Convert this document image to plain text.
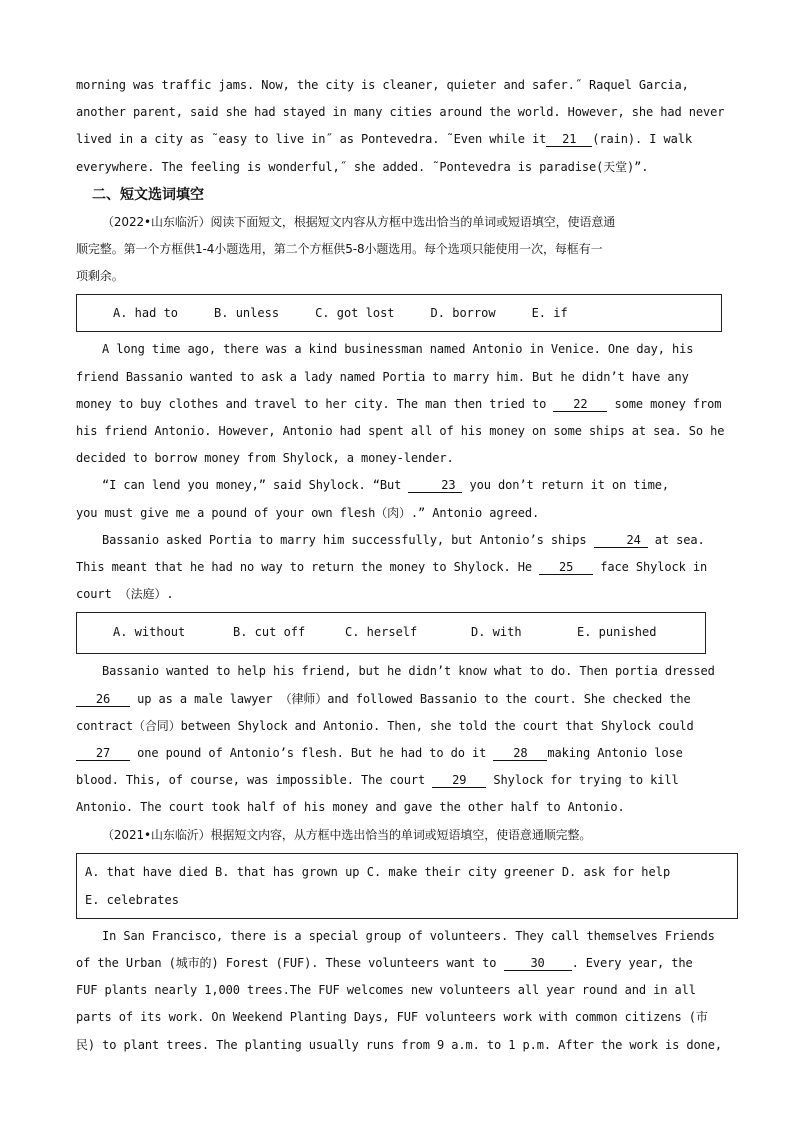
morning was traffic jams. Now, the city is cleaner, quieter and safer.˝ Raquel Garcia,

another parent, said she had stayed in many cities around the world. However, she had never

lived in a city as ˜easy to live in˝ as Pontevedra. ˜Even while it 21 (rain). I walk

everywhere. The feeling is wonderful,˝ she added. ˜Pontevedra is paradise(天堂)”.

二、短文选词填空

（2022•山东临沂）阅读下面短文，根据短文内容从方框中选出恰当的单词或短语填空，使语意通

顺完整。第一个方框供1-4小题选用，第二个方框供5-8小题选用。每个选项只能使用一次，每框有一

项剩余。

A. had to	B. unless	C. got lost	D. borrow	E. if

A long time ago, there was a kind businessman named Antonio in Venice. One day, his

friend Bassanio wanted to ask a lady named Portia to marry him. But he didn’t have any

money to buy clothes and travel to her city. The man then tried to 22 some money from

his friend Antonio. However, Antonio had spent all of his money on some ships at sea. So he

decided to borrow money from Shylock, a money-lender.

“I can lend you money,” said Shylock. “But	23 you don’t return it on time,

you must give me a pound of your own flesh（肉）.” Antonio agreed.

Bassanio asked Portia to marry him successfully, but Antonio’s ships	24 at sea.

This meant that he had no way to return the money to Shylock. He 25 face Shylock in

court （法庭）.

A. without	B. cut off	C. herself	D. with	E. punished

Bassanio wanted to help his friend, but he didn’t know what to do. Then portia dressed

26 up as a male lawyer （律师）and followed Bassanio to the court. She checked the

contract（合同）between Shylock and Antonio. Then, she told the court that Shylock could

27 one pound of Antonio’s flesh. But he had to do it 28 making Antonio lose

blood. This, of course, was impossible. The court 29 Shylock for trying to kill

Antonio. The court took half of his money and gave the other half to Antonio.

（2021•山东临沂）根据短文内容，从方框中选出恰当的单词或短语填空，使语意通顺完整。

A. that have died B. that has grown up C. make their city greener D. ask for help
E. celebrates

In San Francisco, there is a special group of volunteers. They call themselves Friends

of the Urban (城市的) Forest (FUF). These volunteers want to	30 . Every year, the

FUF plants nearly 1,000 trees.The FUF welcomes new volunteers all year round and in all

parts of its work. On Weekend Planting Days, FUF volunteers work with common citizens (市

民) to plant trees. The planting usually runs from 9 a.m. to 1 p.m. After the work is done,
